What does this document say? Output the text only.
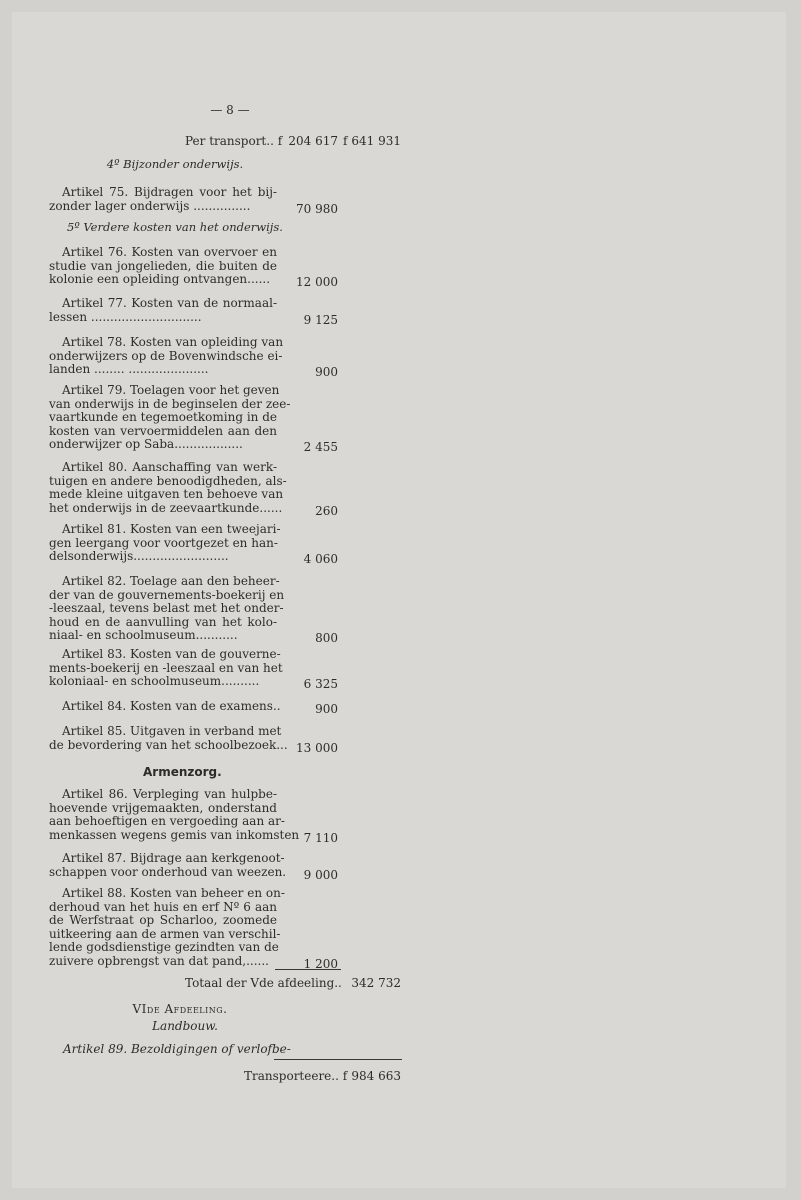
— 8 —
Per transport.. f 204 617 f 641 931
4º Bijzonder onderwijs.
Artikel 75. Bijdragen voor het bij-
zonder lager onderwijs ...............	70 980
Artikel 76. Kosten van overvoer en
studie van jongelieden, die buiten de
kolonie een opleiding ontvangen......	12 000
Artikel 77. Kosten van de normaal-
lessen .............................	9 125
Artikel 78. Kosten van opleiding van
onderwijzers op de Bovenwindsche ei-
landen ........ .....................	900
Artikel 79. Toelagen voor het geven
van onderwijs in de beginselen der zee-
vaartkunde en tegemoetkoming in de
kosten van vervoermiddelen aan den
onderwijzer op Saba..................	2 455
Artikel 80. Aanschaffing van werk-
tuigen en andere benoodigdheden, als-
mede kleine uitgaven ten behoeve van
het onderwijs in de zeevaartkunde......	260
Artikel 81. Kosten van een tweejari-
gen leergang voor voortgezet en han-
delsonderwijs.........................	4 060
Artikel 82. Toelage aan den beheer-
der van de gouvernements-boekerij en
-leeszaal, tevens belast met het onder-
houd en de aanvulling van het kolo-
niaal- en schoolmuseum...........	800
Artikel 83. Kosten van de gouverne-
ments-boekerij en -leeszaal en van het
koloniaal- en schoolmuseum..........	6 325
Artikel 84. Kosten van de examens..	900
Artikel 85. Uitgaven in verband met
de bevordering van het schoolbezoek... 13 000
Artikel 86. Verpleging van hulpbe-
hoevende vrijgemaakten, onderstand
aan behoeftigen en vergoeding aan ar-
menkassen wegens gemis van inkomsten 7 110
Artikel 87. Bijdrage aan kerkgenoot-
schappen voor onderhoud van weezen.	9 000
Artikel 88. Kosten van beheer en on-
derhoud van het huis en erf Nº 6 aan
de Werfstraat op Scharloo, zoomede
uitkeering aan de armen van verschil-
lende godsdienstige gezindten van de
zuivere opbrengst van dat pand,......	1 200
5º Verdere kosten van het onderwijs.
Armenzorg.
Totaal der Vde afdeeling.. 342 732
VIde Afdeeling.
Landbouw.
Artikel 89. Bezoldigingen of verlofbe-
Transporteere.. f 984 663
